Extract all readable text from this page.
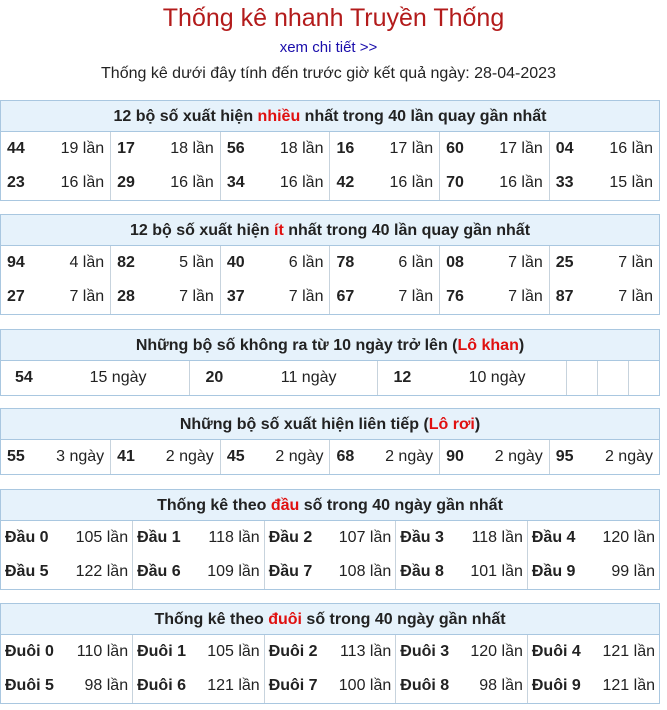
Thống kê nhanh Truyền Thống
xem chi tiết >>
Thống kê dưới đây tính đến trước giờ kết quả ngày: 28-04-2023
12 bộ số xuất hiện nhiều nhất trong 40 lần quay gần nhất
44 19 lần	17 18 lần	56 18 lần	16 17 lần	60 17 lần	04 16 lần

23 16 lần	29 16 lần	34 16 lần	42 16 lần	70 16 lần	33 15 lần
12 bộ số xuất hiện ít nhất trong 40 lần quay gần nhất
94 4 lần	82 5 lần	40 6 lần	78 6 lần	08 7 lần	25 7 lần

27 7 lần	28 7 lần	37 7 lần	67 7 lần	76 7 lần	87 7 lần
Những bộ số không ra từ 10 ngày trở lên (Lô khan)
54	15 ngày	20	11 ngày	12	10 ngày

Những bộ số xuất hiện liên tiếp (Lô rơi)
55 3 ngày	41 2 ngày	45 2 ngày	68 2 ngày	90 2 ngày	95 2 ngày
Thống kê theo đầu số trong 40 ngày gần nhất
Đầu 0 105 lần	Đầu 1 118 lần	Đầu 2 107 lần	Đầu 3 118 lần	Đầu 4 120 lần

Đầu 5 122 lần	Đầu 6 109 lần	Đầu 7 108 lần	Đầu 8 101 lần	Đầu 9 99 lần
Thống kê theo đuôi số trong 40 ngày gần nhất
Đuôi 0 110 lần	Đuôi 1 105 lần	Đuôi 2 113 lần	Đuôi 3 120 lần	Đuôi 4 121 lần

Đuôi 5 98 lần	Đuôi 6 121 lần	Đuôi 7 100 lần	Đuôi 8 98 lần	Đuôi 9 121 lần
